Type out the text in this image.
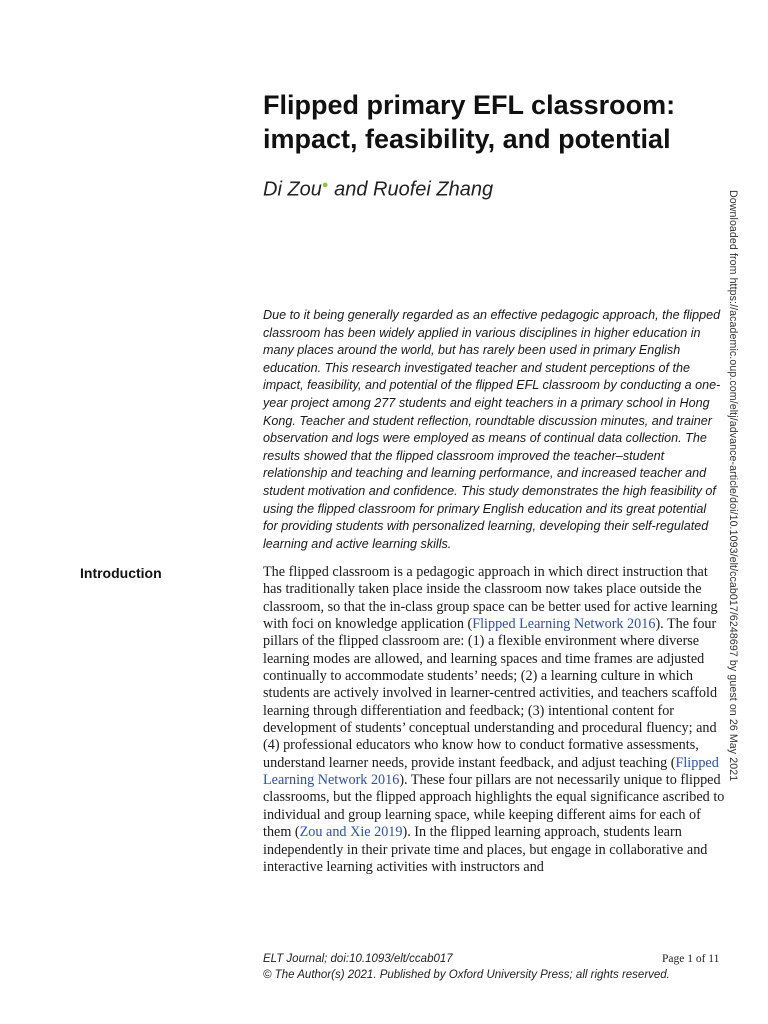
Flipped primary EFL classroom: impact, feasibility, and potential
Di Zou● and Ruofei Zhang

Due to it being generally regarded as an effective pedagogic approach, the flipped classroom has been widely applied in various disciplines in higher education in many places around the world, but has rarely been used in primary English education. This research investigated teacher and student perceptions of the impact, feasibility, and potential of the flipped EFL classroom by conducting a one-year project among 277 students and eight teachers in a primary school in Hong Kong. Teacher and student reflection, roundtable discussion minutes, and trainer observation and logs were employed as means of continual data collection. The results showed that the flipped classroom improved the teacher–student relationship and teaching and learning performance, and increased teacher and student motivation and confidence. This study demonstrates the high feasibility of using the flipped classroom for primary English education and its great potential for providing students with personalized learning, developing their self-regulated learning and active learning skills.

Introduction	The flipped classroom is a pedagogic approach in which direct instruction that has traditionally taken place inside the classroom now takes place outside the classroom, so that the in-class group space can be better used for active learning with foci on knowledge application (Flipped Learning Network 2016). The four pillars of the flipped classroom are: (1) a flexible environment where diverse learning modes are allowed, and learning spaces and time frames are adjusted continually to accommodate students’ needs; (2) a learning culture in which students are actively involved in learner-centred activities, and teachers scaffold learning through differentiation and feedback; (3) intentional content for development of students’ conceptual understanding and procedural fluency; and (4) professional educators who know how to conduct formative assessments, understand learner needs, provide instant feedback, and adjust teaching (Flipped Learning Network 2016). These four pillars are not necessarily unique to flipped classrooms, but the flipped approach highlights the equal significance ascribed to individual and group learning space, while keeping different aims for each of them (Zou and Xie 2019). In the flipped learning approach, students learn independently in their private time and places, but engage in collaborative and interactive learning activities with instructors and

ELT Journal; doi:10.1093/elt/ccab017
© The Author(s) 2021. Published by Oxford University Press; all rights reserved.
Page 1 of 11
Downloaded from https://academic.oup.com/eltj/advance-article/doi/10.1093/elt/ccab017/6248697 by guest on 26 May 2021
